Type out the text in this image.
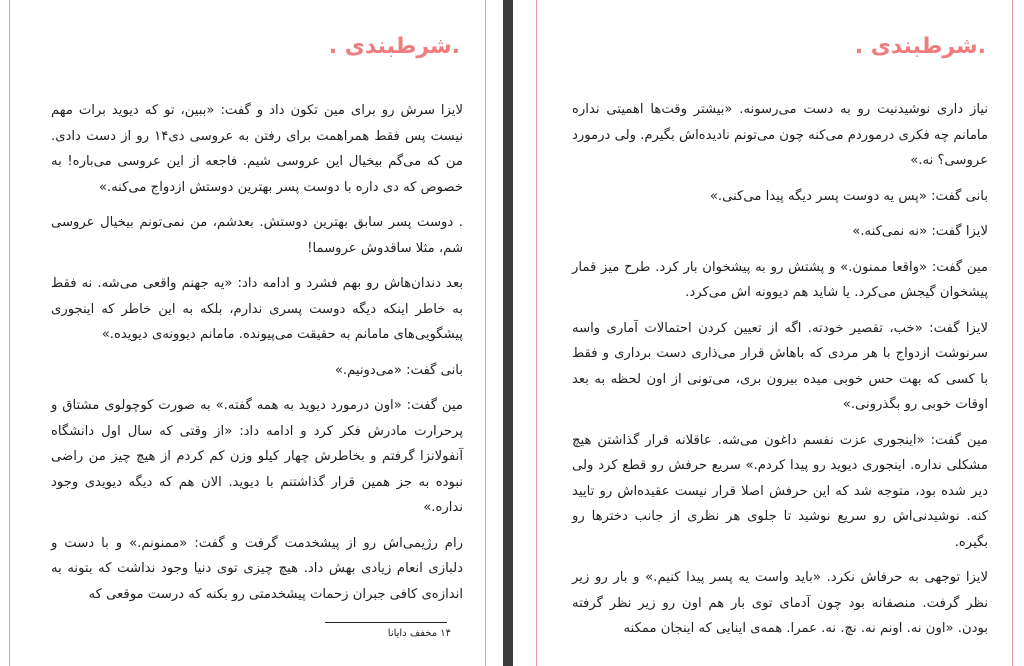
.شرطبندی .

لایزا سرش رو برای مین تکون داد و گفت: «ببین، تو که دیوید برات مهم نیست پس فقط همراهمت برای رفتن به عروسی دی۱۴ رو از دست دادی. من که می‌گم بیخیال این عروسی شیم. فاجعه از این عروسی می‌باره! به خصوص که دی داره با دوست پسر بهترین دوستش ازدواج می‌کنه.»

. دوست پسر سابق بهترین دوستش. بعدشم، من نمی‌تونم بیخیال عروسی شم، مثلا ساقدوش عروسما!

بعد دندان‌هاش رو بهم فشرد و ادامه داد: «یه جهنم واقعی می‌شه. نه فقط به خاطر اینکه دیگه دوست پسری ندارم، بلکه به این خاطر که اینجوری پیشگویی‌های مامانم به حقیقت می‌پیونده. مامانم دیوونه‌ی دیویده.»

بانی گفت: «می‌دونیم.»

مین گفت: «اون درمورد دیوید به همه گفته.» به صورت کوچولوی مشتاق و پرحرارت مادرش فکر کرد و ادامه داد: «از وقتی که سال اول دانشگاه آنفولانزا گرفتم و بخاطرش چهار کیلو وزن کم کردم از هیچ چیز من راضی نبوده به جز همین قرار گذاشتنم با دیوید. الان هم که دیگه دیویدی وجود نداره.»

رام رژیمی‌اش رو از پیشخدمت گرفت و گفت: «ممنونم.» و با دست و دلبازی انعام زیادی بهش داد. هیچ چیزی توی دنیا وجود نداشت که بتونه به اندازه‌ی کافی جبران زحمات پیشخدمتی رو بکنه که درست موقعی که

۱۴ مخفف دایانا
.شرطبندی .

نیاز داری نوشیدنیت رو به دست می‌رسونه. «بیشتر وقت‌ها اهمیتی نداره مامانم چه فکری درموردم می‌کنه چون می‌تونم نادیده‌اش بگیرم. ولی درمورد عروسی؟ نه.»

بانی گفت: «پس یه دوست پسر دیگه پیدا می‌کنی.»

لایزا گفت: «نه نمی‌کنه.»

مین گفت: «واقعا ممنون.» و پشتش رو به پیشخوان بار کرد. طرح میز قمار پیشخوان گیجش می‌کرد. یا شاید هم دیوونه اش می‌کرد.

لایزا گفت: «خب، تقصیر خودته. اگه از تعیین کردن احتمالات آماری واسه سرنوشت ازدواج با هر مردی که باهاش قرار می‌ذاری دست برداری و فقط با کسی که بهت حس خوبی میده بیرون بری، می‌تونی از اون لحظه به بعد اوقات خوبی رو بگذرونی.»

مین گفت: «اینجوری عزت نفسم داغون می‌شه. عاقلانه قرار گذاشتن هیچ مشکلی نداره. اینجوری دیوید رو پیدا کردم.» سریع حرفش رو قطع کرد ولی دیر شده بود، متوجه شد که این حرفش اصلا قرار نیست عقیده‌اش رو تایید کنه. نوشیدنی‌اش رو سریع نوشید تا جلوی هر نظری از جانب دخترها رو بگیره.

لایزا توجهی به حرفاش نکرد. «باید واست یه پسر پیدا کنیم.» و بار رو زیر نظر گرفت. منصفانه بود چون آدمای توی بار هم اون رو زیر نظر گرفته بودن. «اون نه. اونم نه. نچ. نه. عمرا. همه‌ی اینایی که اینجان ممکنه
